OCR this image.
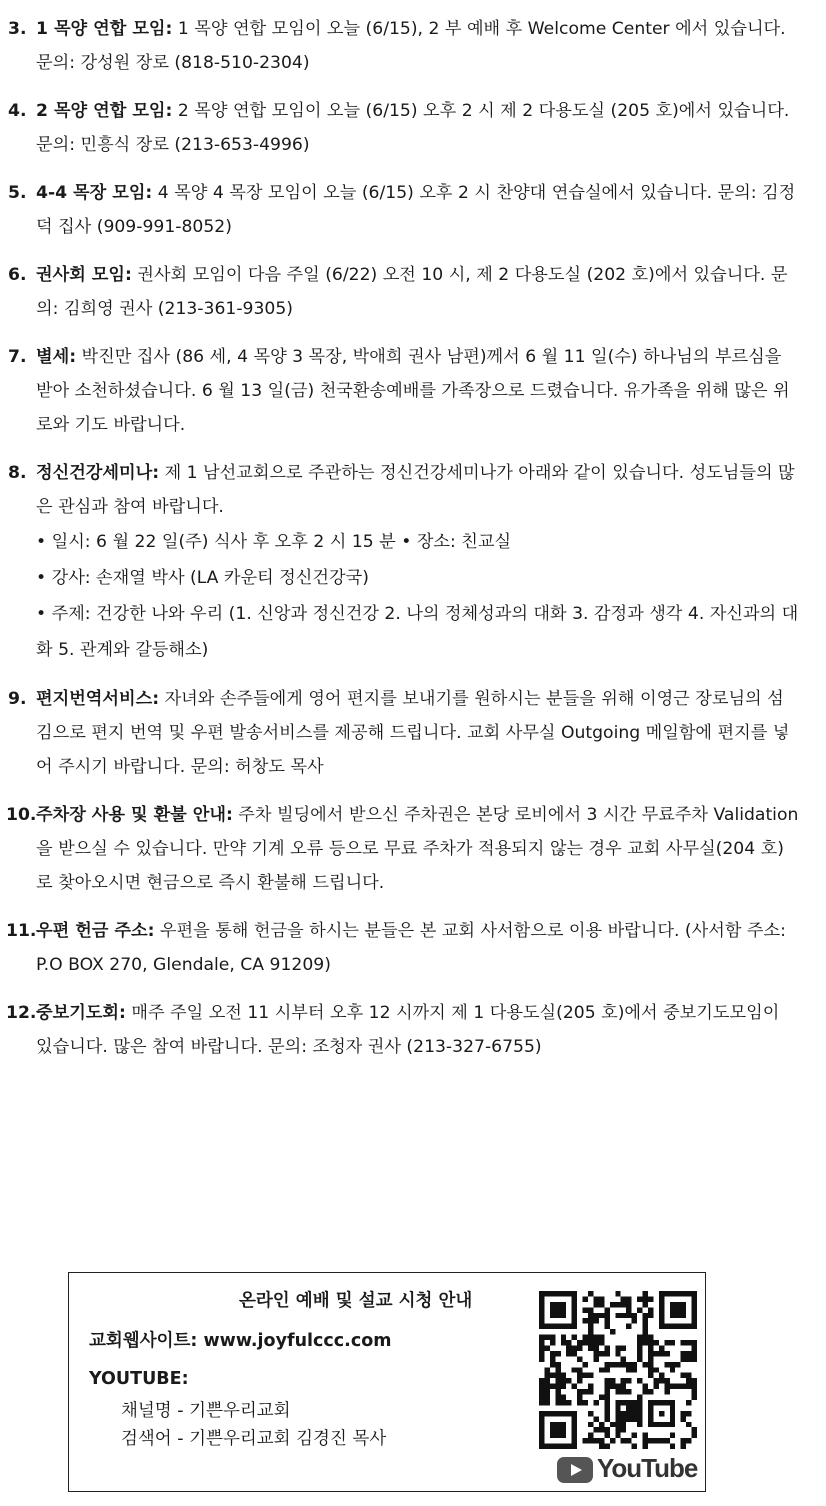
3. 1 목양 연합 모임: 1 목양 연합 모임이 오늘 (6/15), 2 부 예배 후 Welcome Center 에서 있습니다. 문의: 강성원 장로 (818-510-2304)
4. 2 목양 연합 모임: 2 목양 연합 모임이 오늘 (6/15) 오후 2 시 제 2 다용도실 (205 호)에서 있습니다. 문의: 민흥식 장로 (213-653-4996)
5. 4-4 목장 모임: 4 목양 4 목장 모임이 오늘 (6/15) 오후 2 시 찬양대 연습실에서 있습니다. 문의: 김정덕 집사 (909-991-8052)
6. 권사회 모임: 권사회 모임이 다음 주일 (6/22) 오전 10 시, 제 2 다용도실 (202 호)에서 있습니다. 문의: 김희영 권사 (213-361-9305)
7. 별세: 박진만 집사 (86 세, 4 목양 3 목장, 박애희 권사 남편)께서 6 월 11 일(수) 하나님의 부르심을 받아 소천하셨습니다. 6 월 13 일(금) 천국환송예배를 가족장으로 드렸습니다. 유가족을 위해 많은 위로와 기도 바랍니다.
8. 정신건강세미나: 제 1 남선교회으로 주관하는 정신건강세미나가 아래와 같이 있습니다. 성도님들의 많은 관심과 참여 바랍니다.
• 일시: 6 월 22 일(주) 식사 후 오후 2 시 15 분 • 장소: 친교실
• 강사: 손재열 박사 (LA 카운티 정신건강국)
• 주제: 건강한 나와 우리 (1. 신앙과 정신건강 2. 나의 정체성과의 대화 3. 감정과 생각 4. 자신과의 대화 5. 관계와 갈등해소)
9. 편지번역서비스: 자녀와 손주들에게 영어 편지를 보내기를 원하시는 분들을 위해 이영근 장로님의 섬김으로 편지 번역 및 우편 발송서비스를 제공해 드립니다. 교회 사무실 Outgoing 메일함에 편지를 넣어 주시기 바랍니다. 문의: 허창도 목사
10. 주차장 사용 및 환불 안내: 주차 빌딩에서 받으신 주차권은 본당 로비에서 3 시간 무료주차 Validation 을 받으실 수 있습니다. 만약 기계 오류 등으로 무료 주차가 적용되지 않는 경우 교회 사무실(204 호)로 찾아오시면 현금으로 즉시 환불해 드립니다.
11. 우편 헌금 주소: 우편을 통해 헌금을 하시는 분들은 본 교회 사서함으로 이용 바랍니다. (사서함 주소: P.O BOX 270, Glendale, CA 91209)
12. 중보기도회: 매주 주일 오전 11 시부터 오후 12 시까지 제 1 다용도실(205 호)에서 중보기도모임이 있습니다. 많은 참여 바랍니다. 문의: 조청자 권사 (213-327-6755)
온라인 예배 및 설교 시청 안내
교회웹사이트: www.joyfulccc.com
YOUTUBE:
채널명 - 기쁜우리교회
검색어 - 기쁜우리교회 김경진 목사
YouTube
